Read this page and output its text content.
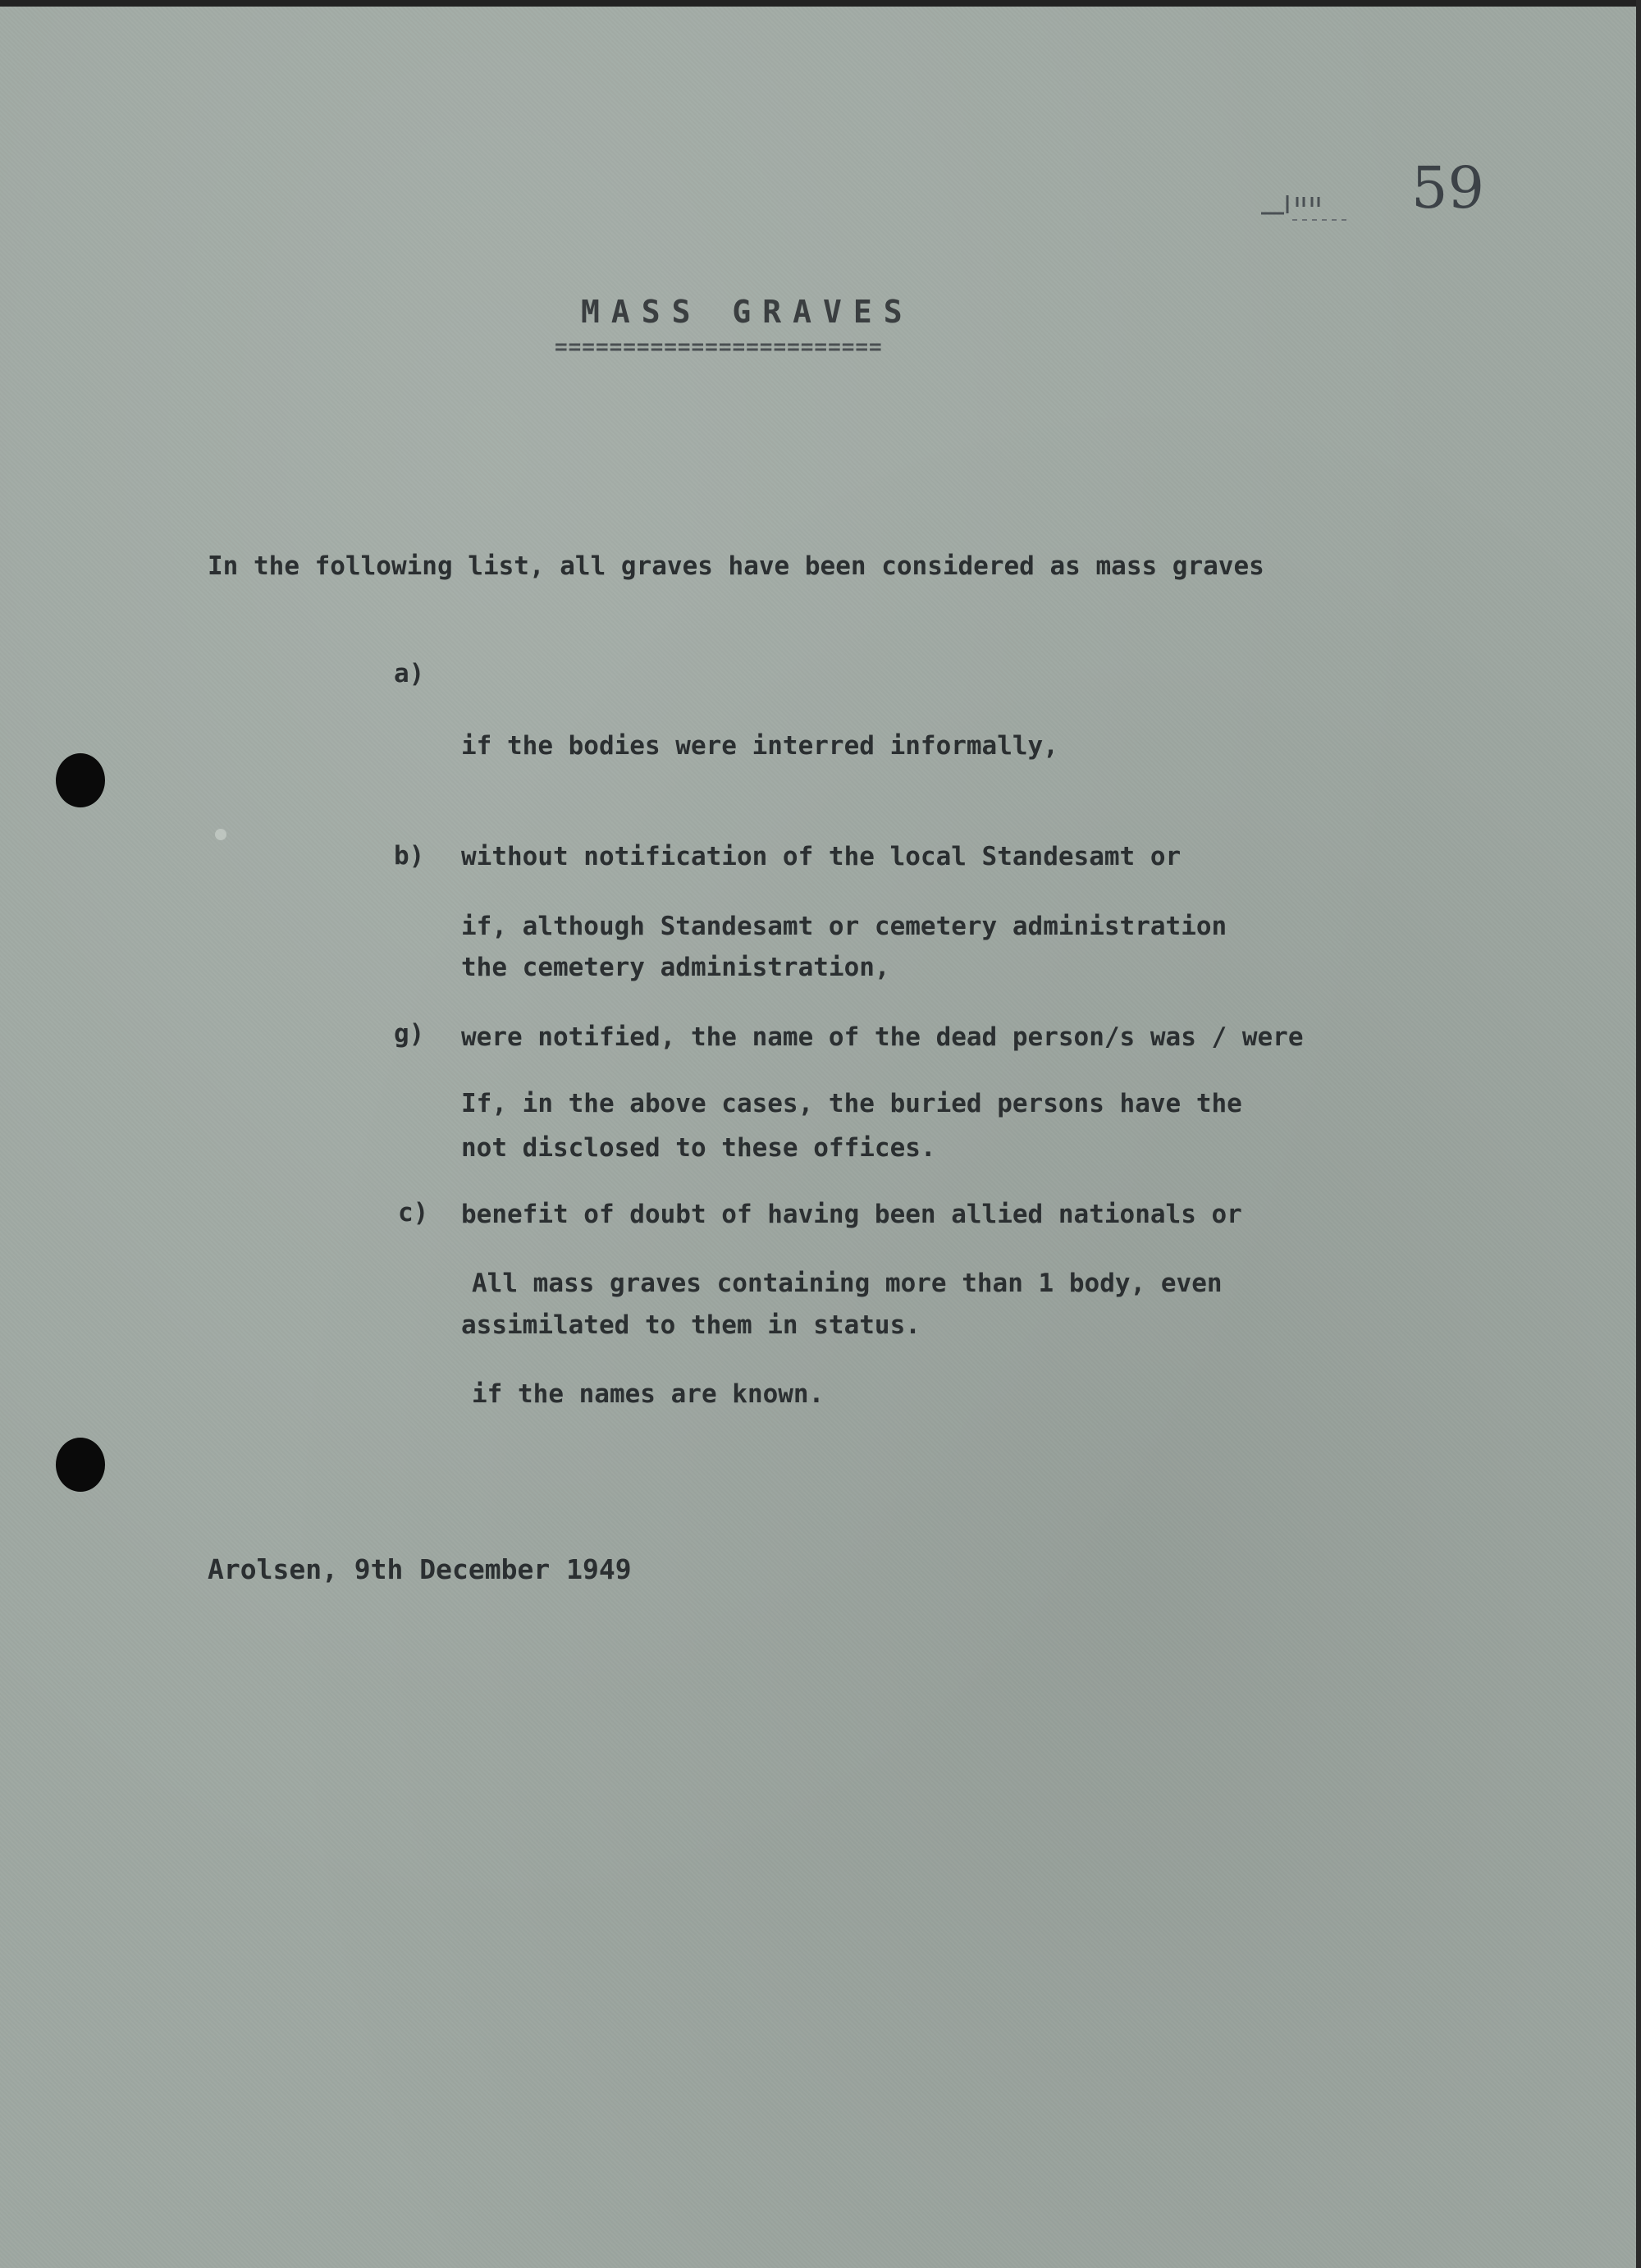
59
MASS GRAVES
========================
In the following list, all graves have been considered as mass graves
a)

if the bodies were interred informally,

without notification of the local Standesamt or

the cemetery administration,

b)

if, although Standesamt or cemetery administration

were notified, the name of the dead person/s was / were

not disclosed to these offices.

g)

If, in the above cases, the buried persons have the

benefit of doubt of having been allied nationals or

assimilated to them in status.

c)

All mass graves containing more than 1 body, even

if the names are known.

Arolsen, 9th December 1949
